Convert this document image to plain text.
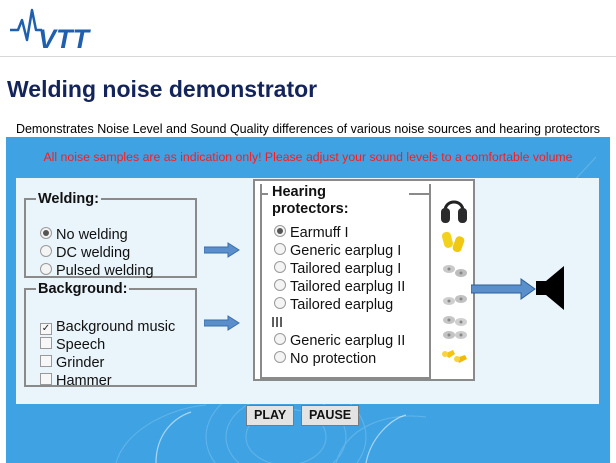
VTT
Welding noise demonstrator
Demonstrates Noise Level and Sound Quality differences of various noise sources and hearing protectors
All noise samples are as indication only! Please adjust your sound levels to a comfortable volume
Welding:
No welding
DC welding
Pulsed welding
Background:
✓ Background music
Speech
Grinder
Hammer
Hearing
protectors:
Earmuff I
Generic earplug I
Tailored earplug I
Tailored earplug II
Tailored earplug
III
Generic earplug II
No protection
PLAY	PAUSE
